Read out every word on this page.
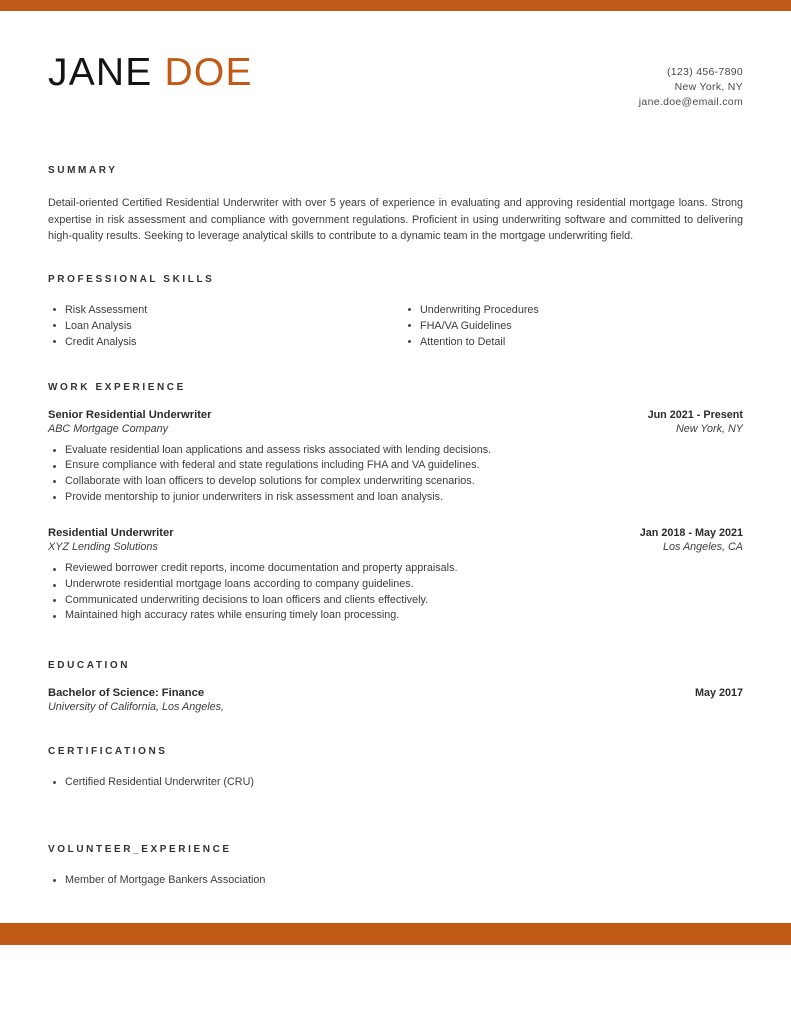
JANE DOE	(123) 456-7890
New York, NY
jane.doe@email.com
SUMMARY
Detail-oriented Certified Residential Underwriter with over 5 years of experience in evaluating and approving residential mortgage loans. Strong expertise in risk assessment and compliance with government regulations. Proficient in using underwriting software and committed to delivering high-quality results. Seeking to leverage analytical skills to contribute to a dynamic team in the mortgage underwriting field.
PROFESSIONAL SKILLS
Risk Assessment
Loan Analysis
Credit Analysis
Underwriting Procedures
FHA/VA Guidelines
Attention to Detail
WORK EXPERIENCE
Senior Residential Underwriter	Jun 2021 - Present
ABC Mortgage Company	New York, NY
Evaluate residential loan applications and assess risks associated with lending decisions.
Ensure compliance with federal and state regulations including FHA and VA guidelines.
Collaborate with loan officers to develop solutions for complex underwriting scenarios.
Provide mentorship to junior underwriters in risk assessment and loan analysis.
Residential Underwriter	Jan 2018 - May 2021
XYZ Lending Solutions	Los Angeles, CA
Reviewed borrower credit reports, income documentation and property appraisals.
Underwrote residential mortgage loans according to company guidelines.
Communicated underwriting decisions to loan officers and clients effectively.
Maintained high accuracy rates while ensuring timely loan processing.
EDUCATION
Bachelor of Science: Finance	May 2017
University of California, Los Angeles,
CERTIFICATIONS
Certified Residential Underwriter (CRU)
VOLUNTEER_EXPERIENCE
Member of Mortgage Bankers Association
